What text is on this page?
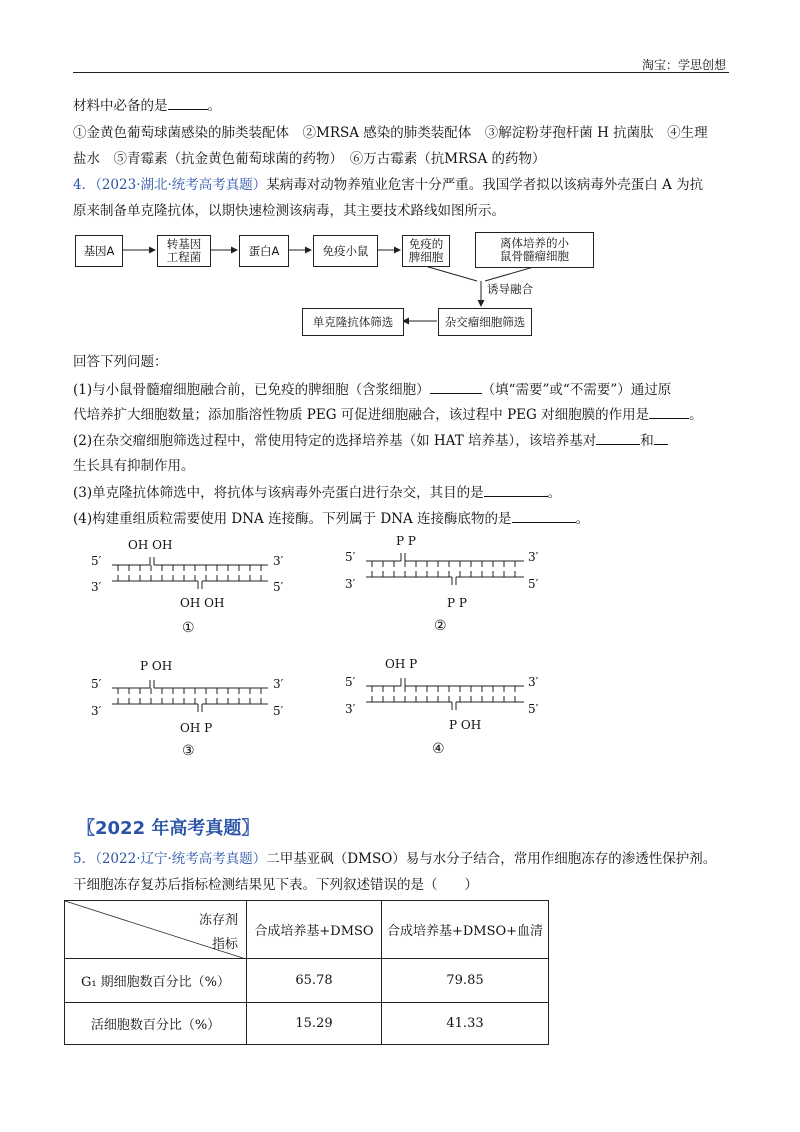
淘宝：学思创想
材料中必备的是	。
①金黄色葡萄球菌感染的肺类装配体　②MRSA 感染的肺类装配体　③解淀粉芽孢杆菌 H 抗菌肽　④生理
盐水　⑤青霉素（抗金黄色葡萄球菌的药物）　⑥万古霉素（抗MRSA 的药物）
4．（2023·湖北·统考高考真题）某病毒对动物养殖业危害十分严重。我国学者拟以该病毒外壳蛋白 A 为抗
原来制备单克隆抗体，以期快速检测该病毒，其主要技术路线如图所示。
基因A	转基因
工程菌	蛋白A	免疫小鼠	免疫的
脾细胞
离体培养的小
鼠骨髓瘤细胞
诱导融合
杂交瘤细胞筛选
单克隆抗体筛选
回答下列问题：
(1)与小鼠骨髓瘤细胞融合前，已免疫的脾细胞（含浆细胞）	（填“需要”或“不需要”）通过原
代培养扩大细胞数量；添加脂溶性物质 PEG 可促进细胞融合，该过程中 PEG 对细胞膜的作用是	。
(2)在杂交瘤细胞筛选过程中，常使用特定的选择培养基（如 HAT 培养基），该培养基对	和
生长具有抑制作用。
(3)单克隆抗体筛选中，将抗体与该病毒外壳蛋白进行杂交，其目的是	。
(4)构建重组质粒需要使用 DNA 连接酶。下列属于 DNA 连接酶底物的是	。
5′	3′
3′	5′
OH OH
OH OH
①
5′	3′
3′	5′
P P
P P
②
5′	3′
3′	5′
P OH
OH P
③
5′	3′
3′	5′
OH P
P OH
④
〖2022 年高考真题〗
5．（2022·辽宁·统考高考真题）二甲基亚砜（DMSO）易与水分子结合，常用作细胞冻存的渗透性保护剂。
干细胞冻存复苏后指标检测结果见下表。下列叙述错误的是（　　）
冻存剂
指标	合成培养基+DMSO	合成培养基+DMSO+血清
G₁ 期细胞数百分比（%）	65.78	79.85
活细胞数百分比（%）	15.29	41.33
